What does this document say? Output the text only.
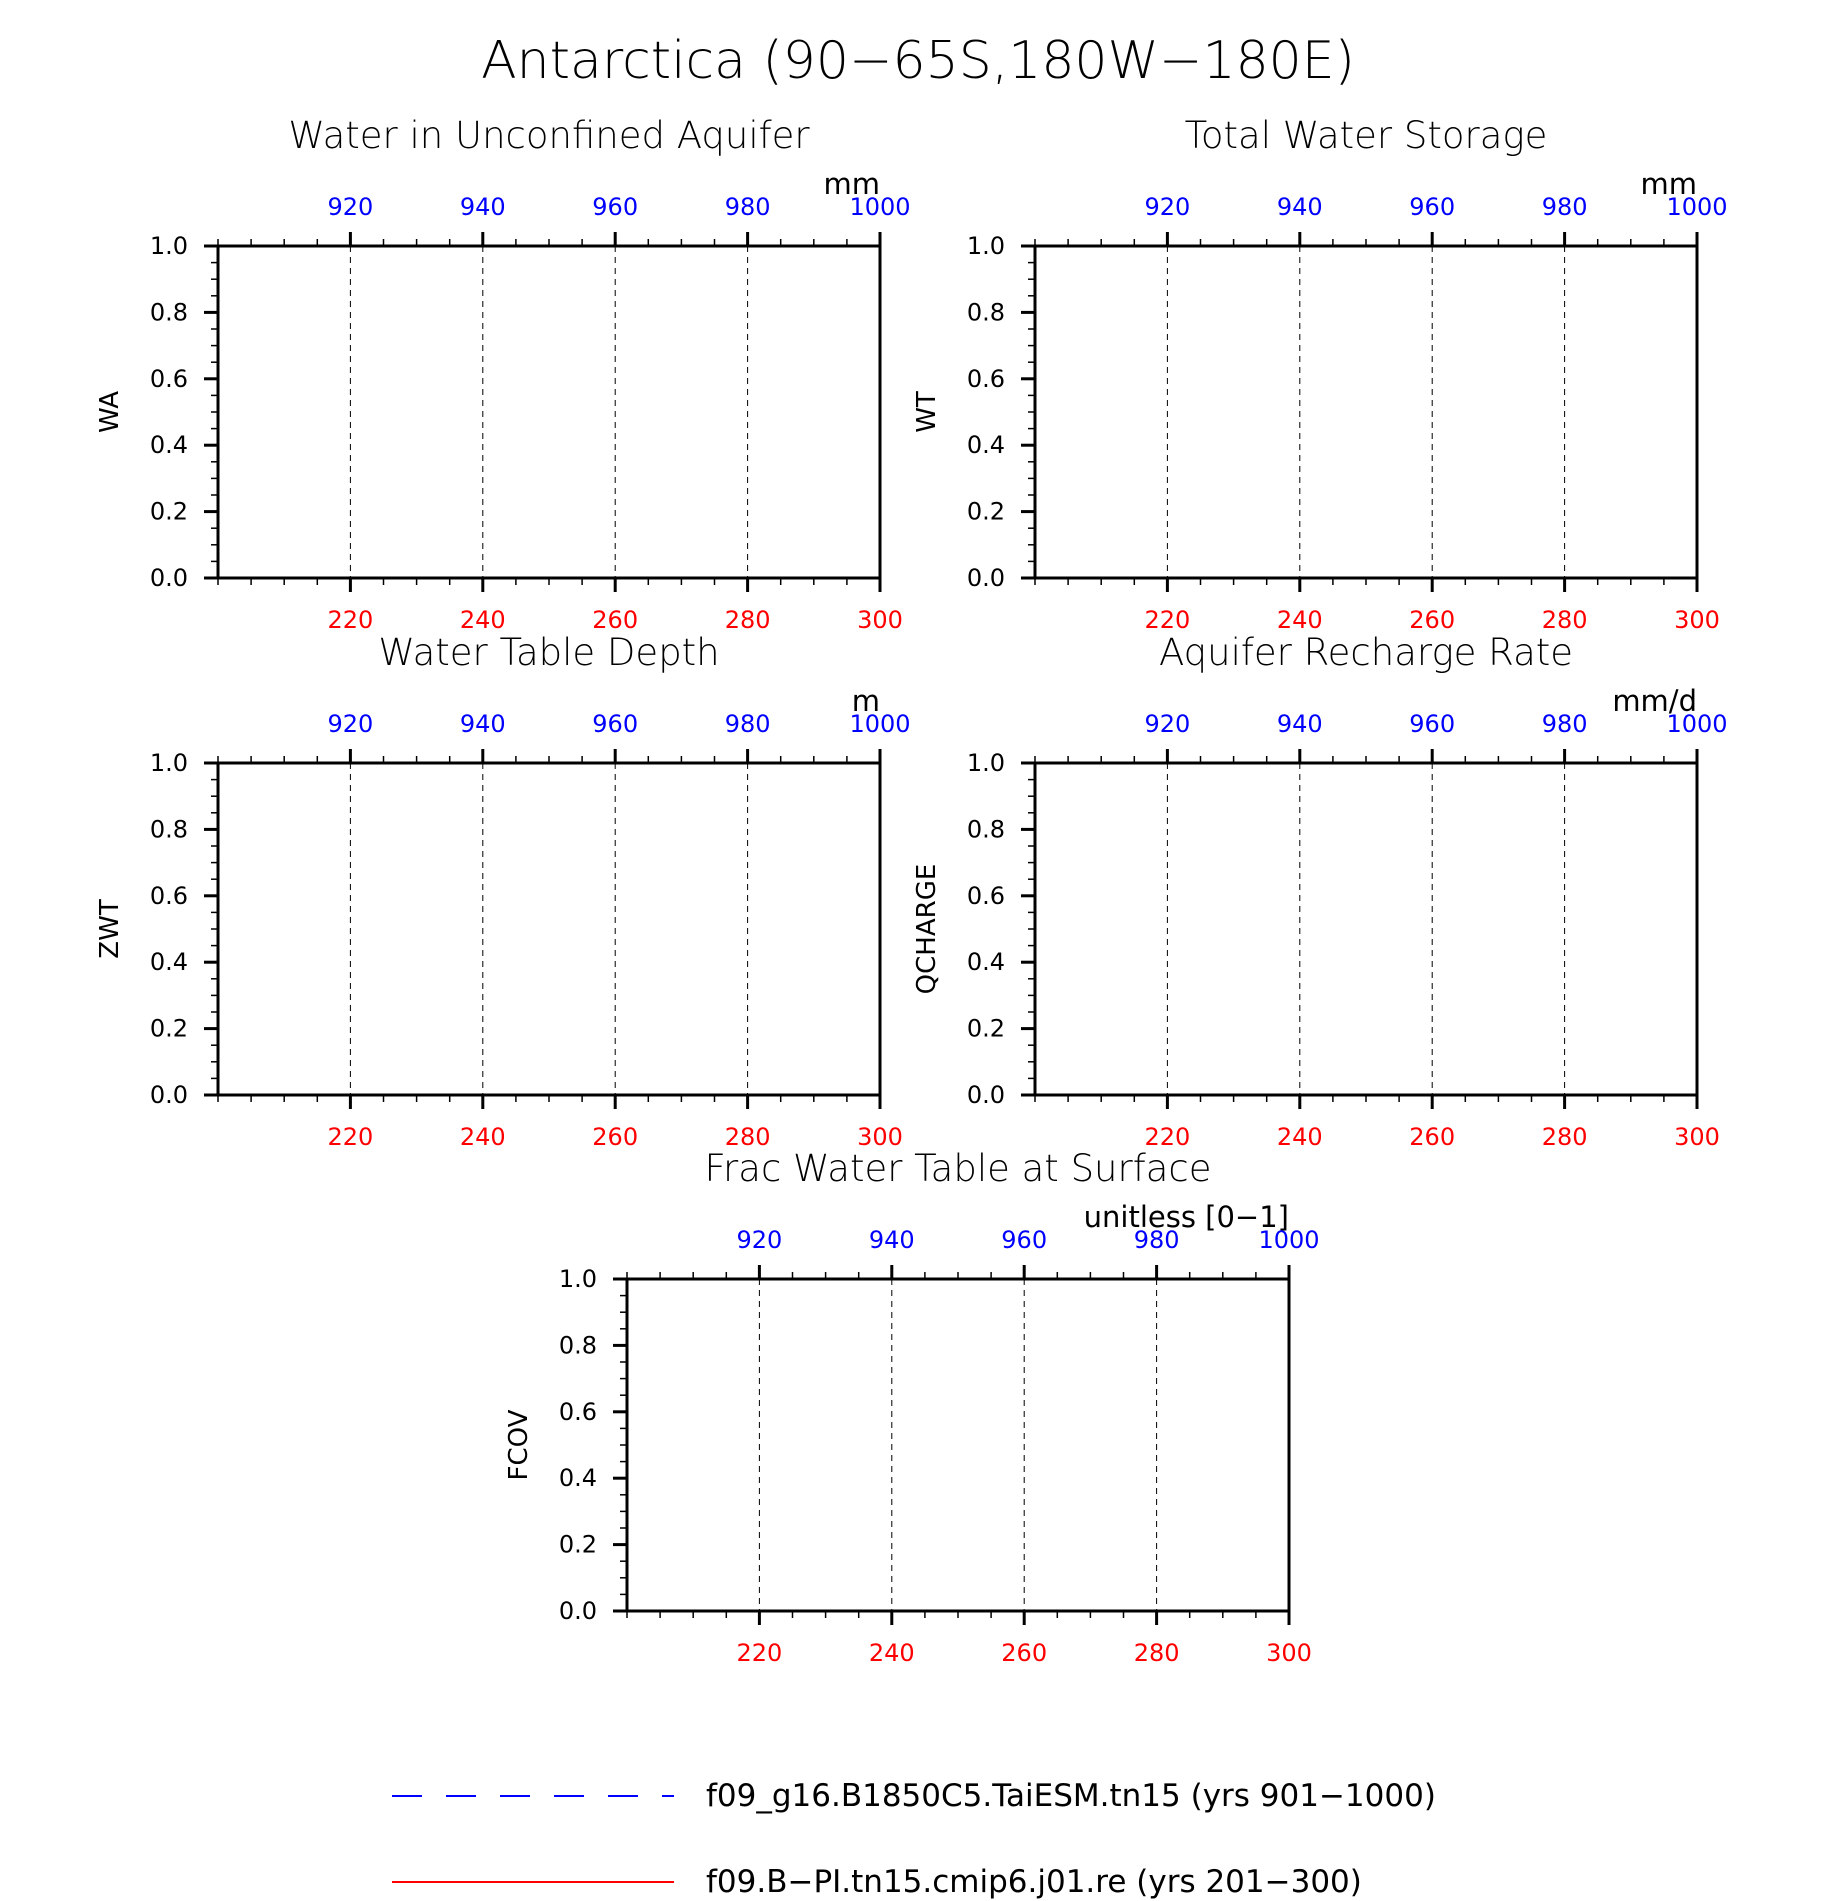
Antarctica (90−65S,180W−180E)
Water in Unconfined Aquifer
mm
220	240	260	280	300
920	940	960	980	1000
0.0
0.2
0.4
0.6
0.8
1.0
WA
Total Water Storage
mm
220	240	260	280	300
920	940	960	980	1000
0.0
0.2
0.4
0.6
0.8
1.0
WT
Water Table Depth
m
220	240	260	280	300
920	940	960	980	1000
0.0
0.2
0.4
0.6
0.8
1.0
ZWT
Aquifer Recharge Rate
mm/d
220	240	260	280	300
920	940	960	980	1000
0.0
0.2
0.4
0.6
0.8
1.0
QCHARGE
Frac Water Table at Surface
unitless [0−1]
220	240	260	280	300
920	940	960	980	1000
0.0
0.2
0.4
0.6
0.8
1.0
FCOV
f09_g16.B1850C5.TaiESM.tn15 (yrs 901−1000)
f09.B−PI.tn15.cmip6.j01.re (yrs 201−300)
